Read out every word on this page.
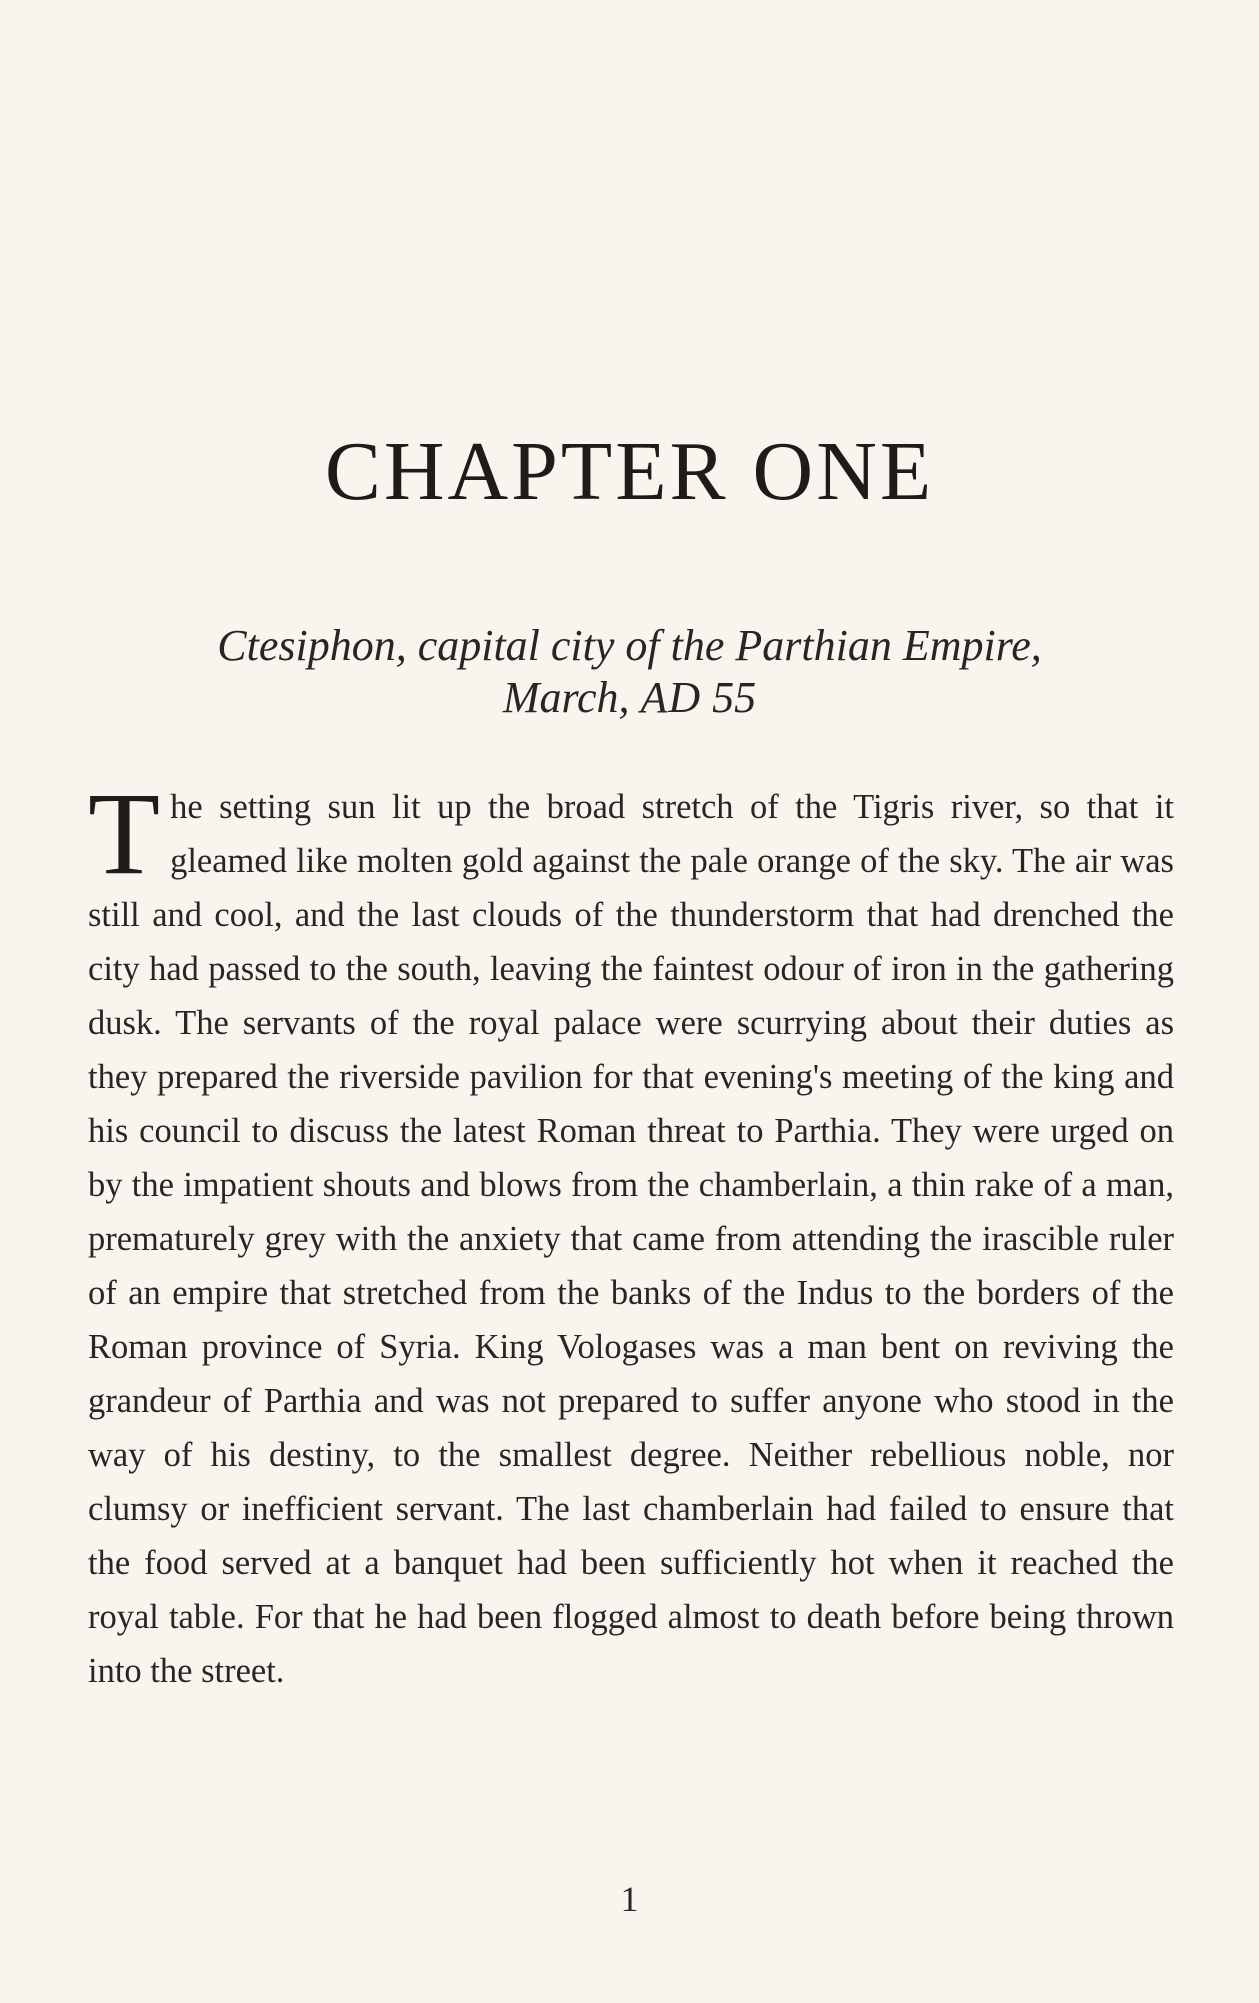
CHAPTER ONE

Ctesiphon, capital city of the Parthian Empire,
March, AD 55

The setting sun lit up the broad stretch of the Tigris river, so that it gleamed like molten gold against the pale orange of the sky. The air was still and cool, and the last clouds of the thunderstorm that had drenched the city had passed to the south, leaving the faintest odour of iron in the gathering dusk. The servants of the royal palace were scurrying about their duties as they prepared the riverside pavilion for that evening's meeting of the king and his council to discuss the latest Roman threat to Parthia. They were urged on by the impatient shouts and blows from the chamberlain, a thin rake of a man, prematurely grey with the anxiety that came from attending the irascible ruler of an empire that stretched from the banks of the Indus to the borders of the Roman province of Syria. King Vologases was a man bent on reviving the grandeur of Parthia and was not prepared to suffer anyone who stood in the way of his destiny, to the smallest degree. Neither rebellious noble, nor clumsy or inefficient servant. The last chamberlain had failed to ensure that the food served at a banquet had been sufficiently hot when it reached the royal table. For that he had been flogged almost to death before being thrown into the street.

1
